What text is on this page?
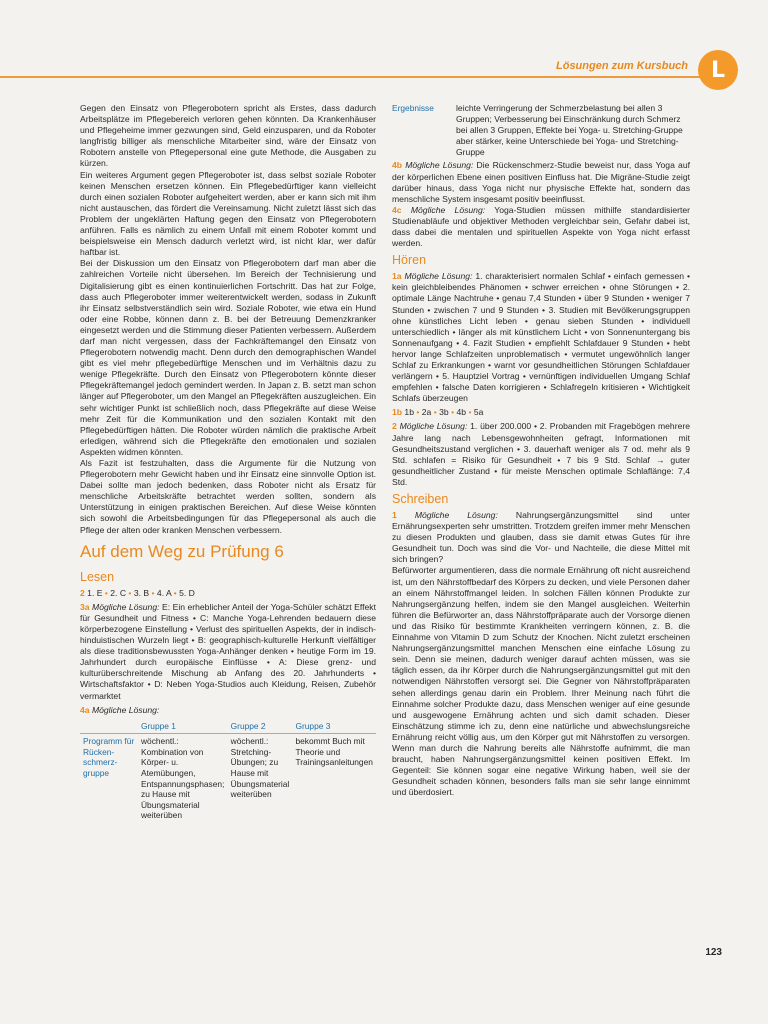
Lösungen zum Kursbuch	L

Gegen den Einsatz von Pflegerobotern spricht als Erstes, dass dadurch Arbeitsplätze im Pflegebereich verloren gehen könnten. Da Krankenhäuser und Pflegeheime immer gezwungen sind, Geld einzusparen, und da Roboter langfristig billiger als menschliche Mitarbeiter sind, wäre der Einsatz von Robotern anstelle von Pflegepersonal eine gute Methode, die Ausgaben zu kürzen.

Ein weiteres Argument gegen Pflegeroboter ist, dass selbst soziale Roboter keinen Menschen ersetzen können. Ein Pflegebedürftiger kann vielleicht durch einen sozialen Roboter aufgeheitert werden, aber er kann sich mit ihm nicht austauschen, das fördert die Vereinsamung. Nicht zuletzt lässt sich das Problem der ungeklärten Haftung gegen den Einsatz von Pflegerobotern anführen. Falls es nämlich zu einem Unfall mit einem Roboter kommt und beispielsweise ein Mensch dadurch verletzt wird, ist nicht klar, wer dafür haftbar ist.

Bei der Diskussion um den Einsatz von Pflegerobotern darf man aber die zahlreichen Vorteile nicht übersehen. Im Bereich der Technisierung und Digitalisierung gibt es einen kontinuierlichen Fortschritt. Das hat zur Folge, dass auch Pflegeroboter immer weiterentwickelt werden, sodass in Zukunft ihr Einsatz selbstverständlich sein wird. Soziale Roboter, wie etwa ein Hund oder eine Robbe, können dann z. B. bei der Betreuung Demenzkranker eingesetzt werden und die Stimmung dieser Patienten verbessern. Außerdem darf man nicht vergessen, dass der Fachkräftemangel den Einsatz von Pflegerobotern notwendig macht. Denn durch den demographischen Wandel gibt es viel mehr pflegebedürftige Menschen und im Verhältnis dazu zu wenige Pflegekräfte. Durch den Einsatz von Pflegerobotern könnte dieser Pflegekräftemangel jedoch gemindert werden. In Japan z. B. setzt man schon länger auf Pflegeroboter, um den Mangel an Pflegekräften auszugleichen. Ein sehr wichtiger Punkt ist schließlich noch, dass Pflegekräfte auf diese Weise mehr Zeit für die Kommunikation und den sozialen Kontakt mit den Pflegebedürftigen hätten. Die Roboter würden nämlich die praktische Arbeit erledigen, während sich die Pflegekräfte den emotionalen und sozialen Aspekten widmen könnten.

Als Fazit ist festzuhalten, dass die Argumente für die Nutzung von Pflegerobotern mehr Gewicht haben und ihr Einsatz eine sinnvolle Option ist. Dabei sollte man jedoch bedenken, dass Roboter nicht als Ersatz für menschliche Arbeitskräfte betrachtet werden sollten, sondern als Unterstützung in einigen praktischen Bereichen. Auf diese Weise könnten sich sowohl die Arbeitsbedingungen für das Pflegepersonal als auch die Pflege der alten oder kranken Menschen verbessern.

Auf dem Weg zu Prüfung 6
Lesen

2 1. E • 2. C • 3. B • 4. A • 5. D

3a Mögliche Lösung: E: Ein erheblicher Anteil der Yoga-Schüler schätzt Effekt für Gesundheit und Fitness • C: Manche Yoga-Lehrenden bedauern diese körperbezogene Einstellung • Verlust des spirituellen Aspekts, der in indisch-hinduistischen Wurzeln liegt • B: geographisch-kulturelle Herkunft vielfältiger als diese traditionsbewussten Yoga-Anhänger denken • heutige Form im 19. Jahrhundert durch europäische Einflüsse • A: Diese grenz- und kulturüberschreitende Mischung ab Anfang des 20. Jahrhunderts • Wirtschaftsfaktor • D: Neben Yoga-Studios auch Kleidung, Reisen, Zubehör vermarktet

4a Mögliche Lösung:

	Gruppe 1	Gruppe 2	Gruppe 3
Programm für Rücken-schmerz-gruppe	wöchentl.: Kombination von Körper- u. Atemübungen, Entspannungsphasen; zu Hause mit Übungsmaterial weiterüben	wöchentl.: Stretching-Übungen; zu Hause mit Übungsmaterial weiterüben	bekommt Buch mit Theorie und Trainingsanleitungen
Ergebnisse	leichte Verringerung der Schmerzbelastung bei allen 3 Gruppen; Verbesserung bei Einschränkung durch Schmerz bei allen 3 Gruppen, Effekte bei Yoga- u. Stretching-Gruppe aber stärker, keine Unterschiede bei Yoga- und Stretching-Gruppe

4b Mögliche Lösung: Die Rückenschmerz-Studie beweist nur, dass Yoga auf der körperlichen Ebene einen positiven Einfluss hat. Die Migräne-Studie zeigt darüber hinaus, dass Yoga nicht nur physische Effekte hat, sondern das menschliche System insgesamt positiv beeinflusst.

4c Mögliche Lösung: Yoga-Studien müssen mithilfe standardisierter Studienabläufe und objektiver Methoden vergleichbar sein, Gefahr dabei ist, dass dabei die mentalen und spirituellen Aspekte von Yoga nicht erfasst werden.

Hören

1a Mögliche Lösung: 1. charakterisiert normalen Schlaf • einfach gemessen • kein gleichbleibendes Phänomen • schwer erreichen • ohne Störungen • 2. optimale Länge Nachtruhe • genau 7,4 Stunden • über 9 Stunden • weniger 7 Stunden • zwischen 7 und 9 Stunden • 3. Studien mit Bevölkerungsgruppen ohne künstliches Licht leben • genau sieben Stunden • individuell unterschiedlich • länger als mit künstlichem Licht • von Sonnenuntergang bis Sonnenaufgang • 4. Fazit Studien • empfiehlt Schlafdauer 9 Stunden • hebt hervor lange Schlafzeiten unproblematisch • vermutet ungewöhnlich langer Schlaf zu Erkrankungen • warnt vor gesundheitlichen Störungen Schlafdauer verlängern • 5. Hauptziel Vortrag • vernünftigen individuellen Umgang Schlaf empfehlen • falsche Daten korrigieren • Schlafregeln kritisieren • Wichtigkeit Schlafs überzeugen

1b 1b • 2a • 3b • 4b • 5a

2 Mögliche Lösung: 1. über 200.000 • 2. Probanden mit Fragebögen mehrere Jahre lang nach Lebensgewohnheiten gefragt, Informationen mit Gesundheitszustand verglichen • 3. dauerhaft weniger als 7 od. mehr als 9 Std. schlafen = Risiko für Gesundheit • 7 bis 9 Std. Schlaf → guter gesundheitlicher Zustand • für meiste Menschen optimale Schlaflänge: 7,4 Std.

Schreiben

1 Mögliche Lösung: Nahrungsergänzungsmittel sind unter Ernährungsexperten sehr umstritten. Trotzdem greifen immer mehr Menschen zu diesen Produkten und glauben, dass sie damit etwas Gutes für ihre Gesundheit tun. Doch was sind die Vor- und Nachteile, die diese Mittel mit sich bringen?

Befürworter argumentieren, dass die normale Ernährung oft nicht ausreichend ist, um den Nährstoffbedarf des Körpers zu decken, und viele Personen daher an einem Nährstoffmangel leiden. In solchen Fällen können Produkte zur Nahrungsergänzung helfen, indem sie den Mangel ausgleichen. Weiterhin führen die Befürworter an, dass Nährstoffpräparate auch der Vorsorge dienen und das Risiko für bestimmte Krankheiten verringern können, z. B. die Einnahme von Vitamin D zum Schutz der Knochen. Nicht zuletzt erscheinen Nahrungsergänzungsmittel manchen Menschen eine einfache Lösung zu sein. Denn sie meinen, dadurch weniger darauf achten müssen, was sie täglich essen, da ihr Körper durch die Nahrungsergänzungsmittel gut mit den notwendigen Nährstoffen versorgt sei. Die Gegner von Nährstoffpräparaten sehen allerdings genau darin ein Problem. Ihrer Meinung nach führt die Einnahme solcher Produkte dazu, dass Menschen weniger auf eine gesunde und ausgewogene Ernährung achten und sich damit schaden. Dieser Einschätzung stimme ich zu, denn eine natürliche und abwechslungsreiche Ernährung reicht völlig aus, um den Körper gut mit Nährstoffen zu versorgen. Wenn man durch die Nahrung bereits alle Nährstoffe aufnimmt, die man braucht, haben Nahrungsergänzungsmittel keinen positiven Effekt. Im Gegenteil: Sie können sogar eine negative Wirkung haben, weil sie der Gesundheit schaden können, besonders falls man sie sehr lange einnimmt und überdosiert.

123
